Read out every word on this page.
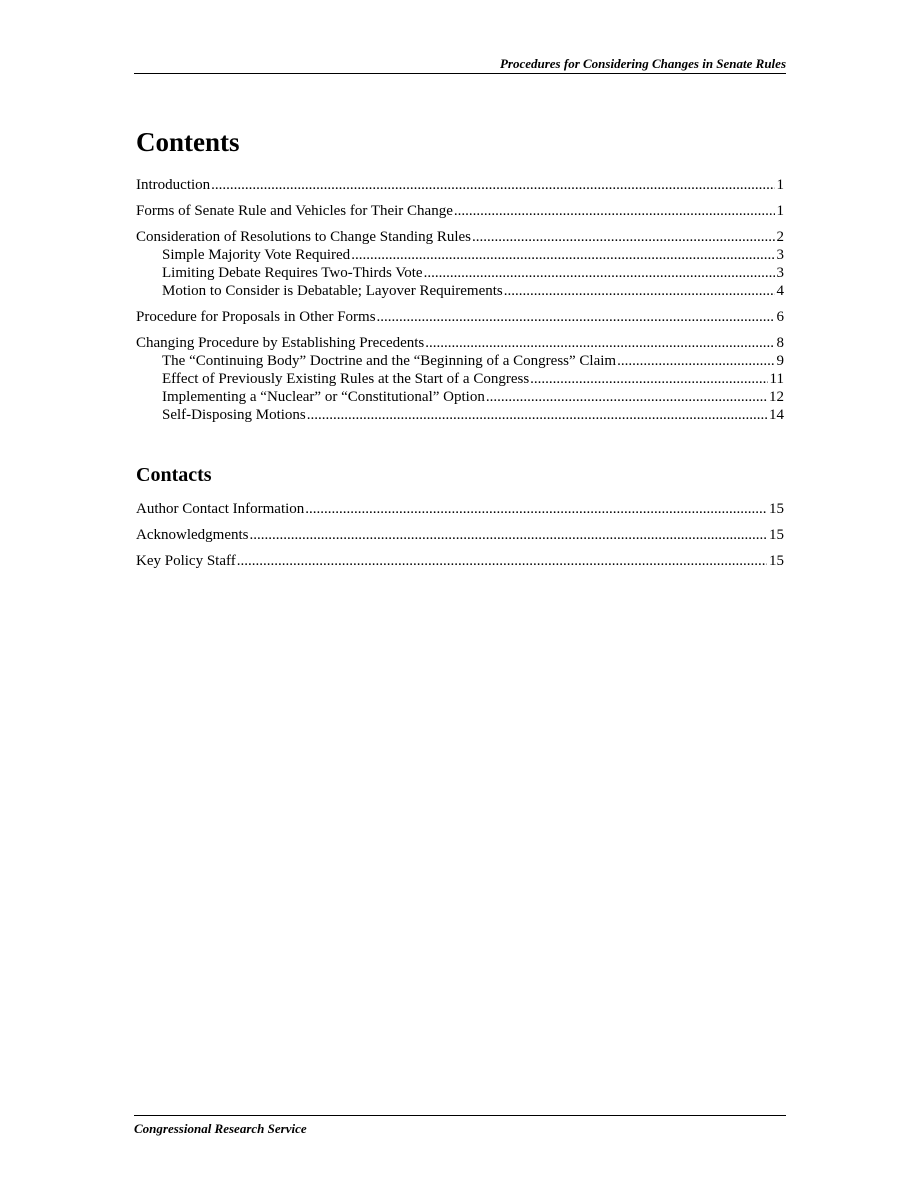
Procedures for Considering Changes in Senate Rules
Contents
Introduction .....	1
Forms of Senate Rule and Vehicles for Their Change .....	1
Consideration of Resolutions to Change Standing Rules .....	2
Simple Majority Vote Required .....	3
Limiting Debate Requires Two-Thirds Vote .....	3
Motion to Consider is Debatable; Layover Requirements .....	4
Procedure for Proposals in Other Forms .....	6
Changing Procedure by Establishing Precedents .....	8
The “Continuing Body” Doctrine and the “Beginning of a Congress” Claim .....	9
Effect of Previously Existing Rules at the Start of a Congress .....	11
Implementing a “Nuclear” or “Constitutional” Option .....	12
Self-Disposing Motions .....	14
Contacts
Author Contact Information .....	15
Acknowledgments .....	15
Key Policy Staff .....	15
Congressional Research Service
